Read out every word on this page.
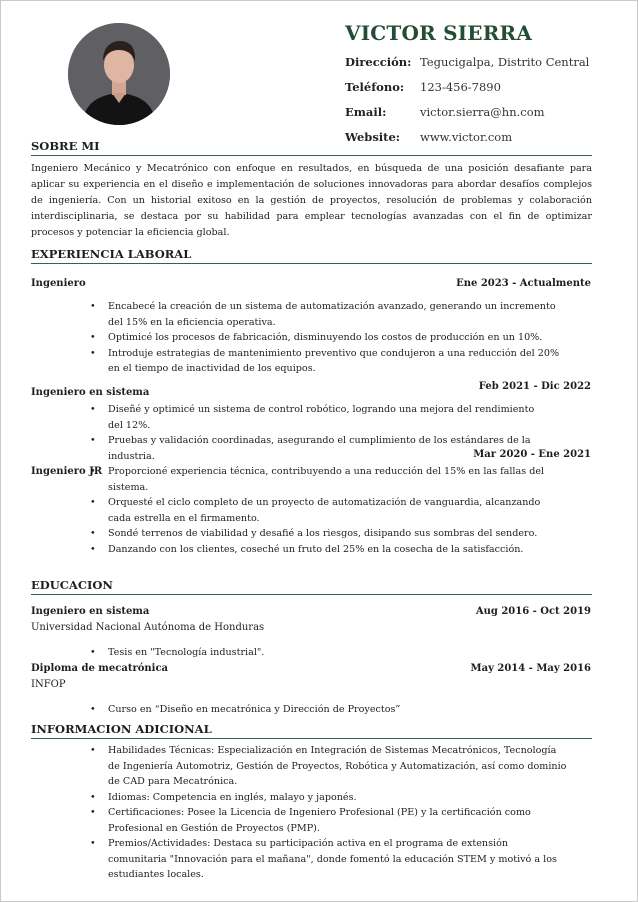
VICTOR SIERRA
Dirección: Tegucigalpa, Distrito Central
Teléfono: 123-456-7890
Email:	victor.sierra@hn.com
Website: www.victor.com
SOBRE MI
Ingeniero Mecánico y Mecatrónico con enfoque en resultados, en búsqueda de una posición desafiante para aplicar su experiencia en el diseño e implementación de soluciones innovadoras para abordar desafíos complejos de ingeniería. Con un historial exitoso en la gestión de proyectos, resolución de problemas y colaboración interdisciplinaria, se destaca por su habilidad para emplear tecnologías avanzadas con el fin de optimizar procesos y potenciar la eficiencia global.
EXPERIENCIA LABORAL
Ingeniero	Ene 2023 - Actualmente
• Encabecé la creación de un sistema de automatización avanzado, generando un incremento del 15% en la eficiencia operativa.
• Optimicé los procesos de fabricación, disminuyendo los costos de producción en un 10%.
• Introduje estrategias de mantenimiento preventivo que condujeron a una reducción del 20% en el tiempo de inactividad de los equipos.
Ingeniero en sistema
Feb 2021 - Dic 2022
• Diseñé y optimicé un sistema de control robótico, logrando una mejora del rendimiento del 12%.
• Pruebas y validación coordinadas, asegurando el cumplimiento de los estándares de la industria.
Ingeniero JR
Mar 2020 - Ene 2021
• Proporcioné experiencia técnica, contribuyendo a una reducción del 15% en las fallas del sistema.
• Orquesté el ciclo completo de un proyecto de automatización de vanguardia, alcanzando cada estrella en el firmamento.
• Sondé terrenos de viabilidad y desafié a los riesgos, disipando sus sombras del sendero.
• Danzando con los clientes, coseché un fruto del 25% en la cosecha de la satisfacción.
EDUCACION
Ingeniero en sistema	Aug 2016 - Oct 2019
Universidad Nacional Autónoma de Honduras
• Tesis en "Tecnología industrial".
Diploma de mecatrónica	May 2014 - May 2016
INFOP
• Curso en “Diseño en mecatrónica y Dirección de Proyectos”
INFORMACION ADICIONAL
• Habilidades Técnicas: Especialización en Integración de Sistemas Mecatrónicos, Tecnología de Ingeniería Automotriz, Gestión de Proyectos, Robótica y Automatización, así como dominio de CAD para Mecatrónica.
• Idiomas: Competencia en inglés, malayo y japonés.
• Certificaciones: Posee la Licencia de Ingeniero Profesional (PE) y la certificación como Profesional en Gestión de Proyectos (PMP).
• Premios/Actividades: Destaca su participación activa en el programa de extensión comunitaria "Innovación para el mañana", donde fomentó la educación STEM y motivó a los estudiantes locales.
